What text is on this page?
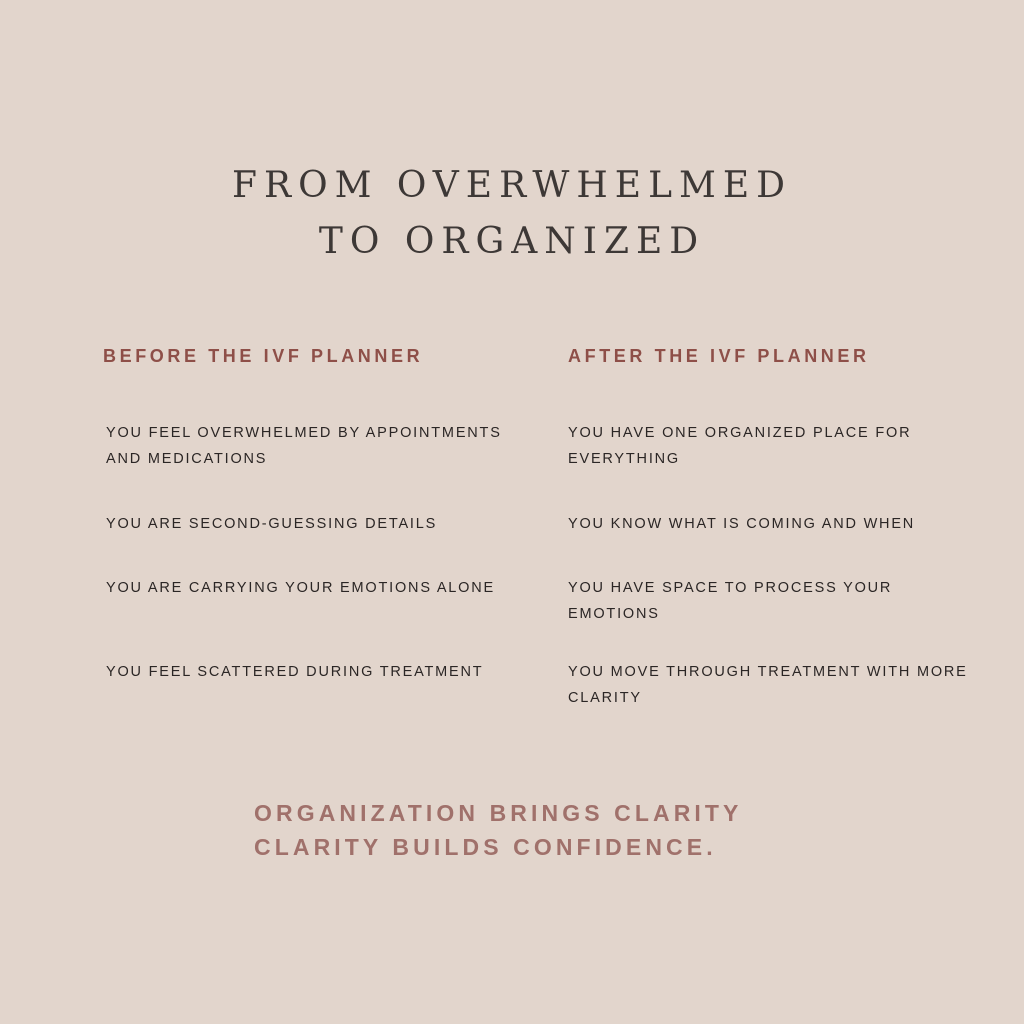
FROM OVERWHELMED
TO ORGANIZED
BEFORE THE IVF PLANNER	AFTER THE IVF PLANNER
YOU FEEL OVERWHELMED BY APPOINTMENTS AND MEDICATIONS
YOU ARE SECOND-GUESSING DETAILS
YOU ARE CARRYING YOUR EMOTIONS ALONE
YOU FEEL SCATTERED DURING TREATMENT
YOU HAVE ONE ORGANIZED PLACE FOR EVERYTHING
YOU KNOW WHAT IS COMING AND WHEN
YOU HAVE SPACE TO PROCESS YOUR EMOTIONS
YOU MOVE THROUGH TREATMENT WITH MORE CLARITY
ORGANIZATION BRINGS CLARITY
CLARITY BUILDS CONFIDENCE.
